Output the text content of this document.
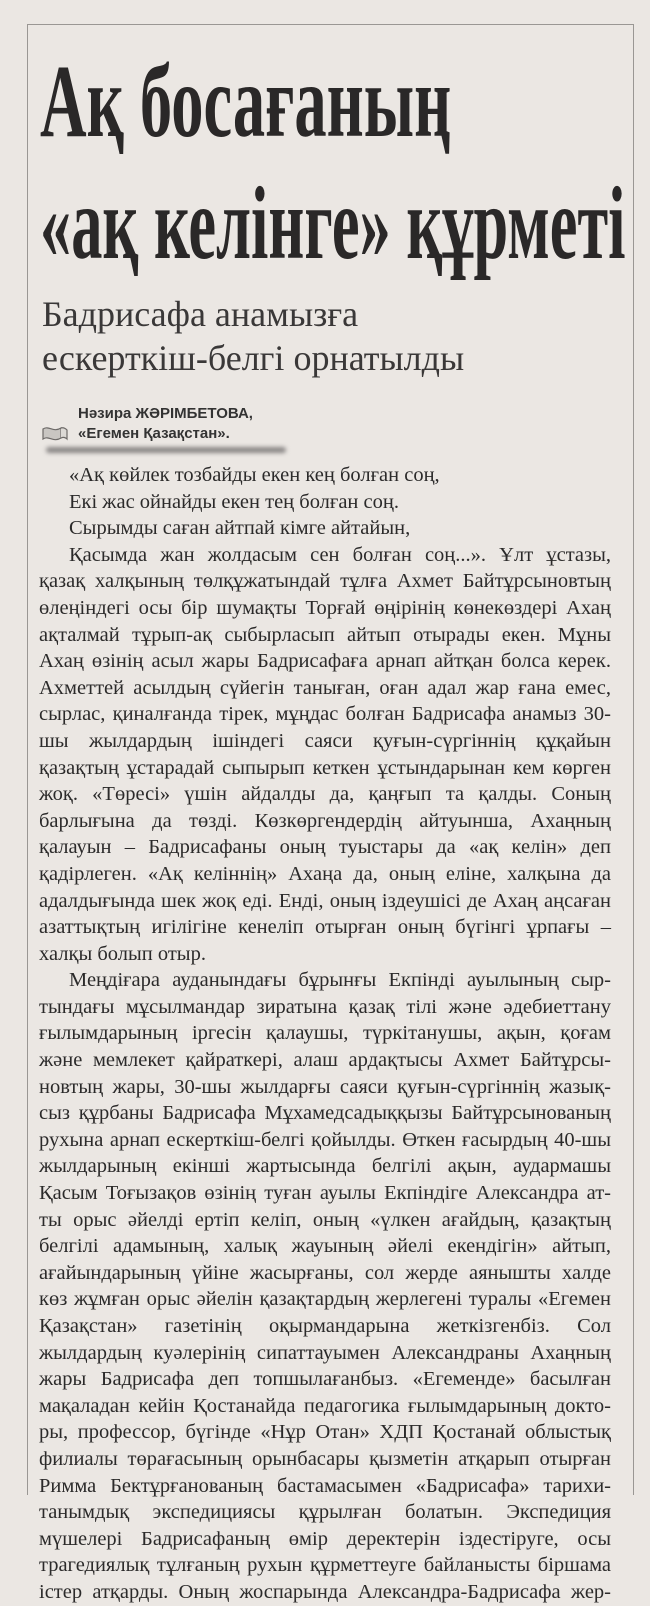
Ақ босағаның
«ақ келінге» құрметі
Бадрисафа анамызға
ескерткіш-белгі орнатылды
Нәзира ЖӘРІМБЕТОВА,
«Егемен Қазақстан».
«Ақ көйлек тозбайды екен кең болған соң,
Екі жас ойнайды екен тең болған соң.
Сырымды саған айтпай кімге айтайын,
Қасымда жан жолдасым сен болған соң...». Ұлт ұстазы,
қазақ халқының төлқұжатындай тұлға Ахмет Байтұрсыновтың
өлеңіндегі осы бір шумақты Торғай өңірінің көнекөздері Ахаң
ақталмай тұрып-ақ сыбырласып айтып отырады екен. Мұны
Ахаң өзінің асыл жары Бадрисафаға арнап айтқан болса керек.
Ахметтей асылдың сүйегін таныған, оған адал жар ғана емес,
сырлас, қиналғанда тірек, мұңдас болған Бадрисафа анамыз 30-
шы жылдардың ішіндегі саяси қуғын-сүргіннің құқайын
қазақтың ұстарадай сыпырып кеткен ұстындарынан кем көрген
жоқ. «Төресі» үшін айдалды да, қаңғып та қалды. Соның
барлығына да төзді. Көзкөргендердің айтуынша, Ахаңның
қалауын – Бадрисафаны оның туыстары да «ақ келін» деп
қадірлеген. «Ақ келіннің» Ахаңа да, оның еліне, халқына да
адалдығында шек жоқ еді. Енді, оның іздеушісі де Ахаң аңсаған
азаттықтың игілігіне кенеліп отырған оның бүгінгі ұрпағы –
халқы болып отыр.
Меңдіғара ауданындағы бұрынғы Екпінді ауылының сыр-
тындағы мұсылмандар зиратына қазақ тілі және әдебиеттану
ғылымдарының іргесін қалаушы, түркітанушы, ақын, қоғам
және мемлекет қайраткері, алаш ардақтысы Ахмет Байтұрсы-
новтың жары, 30-шы жылдарғы саяси қуғын-сүргіннің жазық-
сыз құрбаны Бадрисафа Мұхамедсадыққызы Байтұрсынованың
рухына арнап ескерткіш-белгі қойылды. Өткен ғасырдың 40-шы
жылдарының екінші жартысында белгілі ақын, аудармашы
Қасым Тоғызақов өзінің туған ауылы Екпіндіге Александра ат-
ты орыс әйелді ертіп келіп, оның «үлкен ағайдың, қазақтың
белгілі адамының, халық жауының әйелі екендігін» айтып,
ағайындарының үйіне жасырғаны, сол жерде аянышты халде
көз жұмған орыс әйелін қазақтардың жерлегені туралы «Егемен
Қазақстан» газетінің оқырмандарына жеткізгенбіз. Сол
жылдардың куәлерінің сипаттауымен Александраны Ахаңның
жары Бадрисафа деп топшылағанбыз. «Егеменде» басылған
мақаладан кейін Қостанайда педагогика ғылымдарының докто-
ры, профессор, бүгінде «Нұр Отан» ХДП Қостанай облыстық
филиалы төрағасының орынбасары қызметін атқарып отырған
Римма Бектұрғанованың бастамасымен «Бадрисафа» тарихи-
танымдық экспедициясы құрылған болатын. Экспедиция
мүшелері Бадрисафаның өмір деректерін іздестіруге, осы
трагедиялық тұлғаның рухын құрметтеуге байланысты біршама
істер атқарды. Оның жоспарында Александра-Бадрисафа жер-
